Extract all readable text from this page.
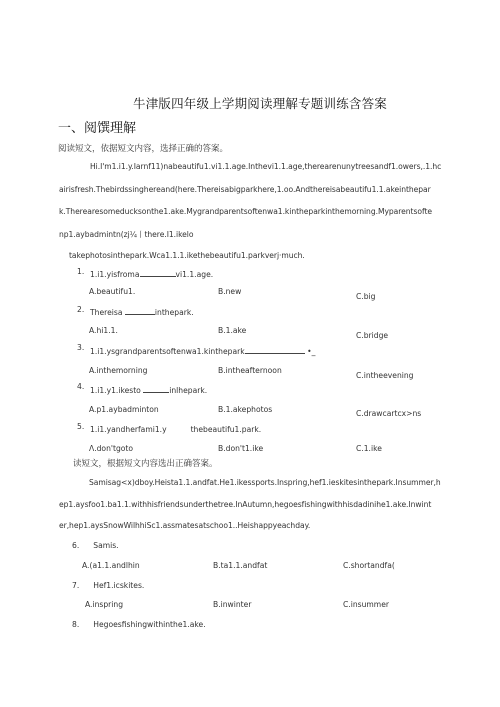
牛津版四年级上学期阅读理解专题训练含答案
一、阅馔理解
阅读短文，依据短文内容，选择正确的答案。
Hi.I'm1.i1.y.Iarnf11)nabeautifu1.vi1.1.age.Inthevi1.1.age,therearenunytreesandf1.owers,.1.hc
airisfresh.Thebirdssinghereand(here.Thereisabigparkhere,1.oo.Andthereisabeautifu1.1.akeinthepar
k.Therearesomeducksonthe1.ake.Mygrandparentsoftenwa1.kintheparkinthemorning.Myparentsofte
np1.aybadmintn(zj¼丨there.I1.ikelo
takephotosinthepark.Wca1.1.1.ikethebeautifu1.parkverj·much.
1. 1.i1.yisfroma	vi1.1.age.
A.beautifu1.	B.new
C.big
2. Thereisa	inthepark.
A.hi1.1.	B.1.ake
C.bridge
3. 1.i1.ysgrandparentsoftenwa1.kinthepark	•_
A.inthemorning	B.intheafternoon
C.intheevening
4. 1.i1.y1.ikesto	inlhepark.
A.p1.aybadminton	B.1.akephotos	C.drawcartcx>ns
5. 1.i1.yandherfami1.y	thebeautifu1.park.
Λ.don'tgoto	B.don't1.ike	C.1.ike
读短文，根据短文内容选出正确答案。
Samisag<x)dboy.Heista1.1.andfat.He1.ikessports.Inspring,hef1.ieskitesinthepark.Insummer,h
ep1.aysfoo1.ba1.1.withhisfriendsunderthetree.InAutumn,hegoesfishingwithhisdadinihe1.ake.Inwint
er,hep1.aysSnowWilhhiSc1.assmatesatschoo1..Heishappyeachday.
6. Samis.
A.(a1.1.andlhin	B.ta1.1.andfat	C.shortandfa(
7. Hef1.icskites.
A.inspring	B.inwinter	C.insummer
8. Hegoesfishingwithinthe1.ake.
